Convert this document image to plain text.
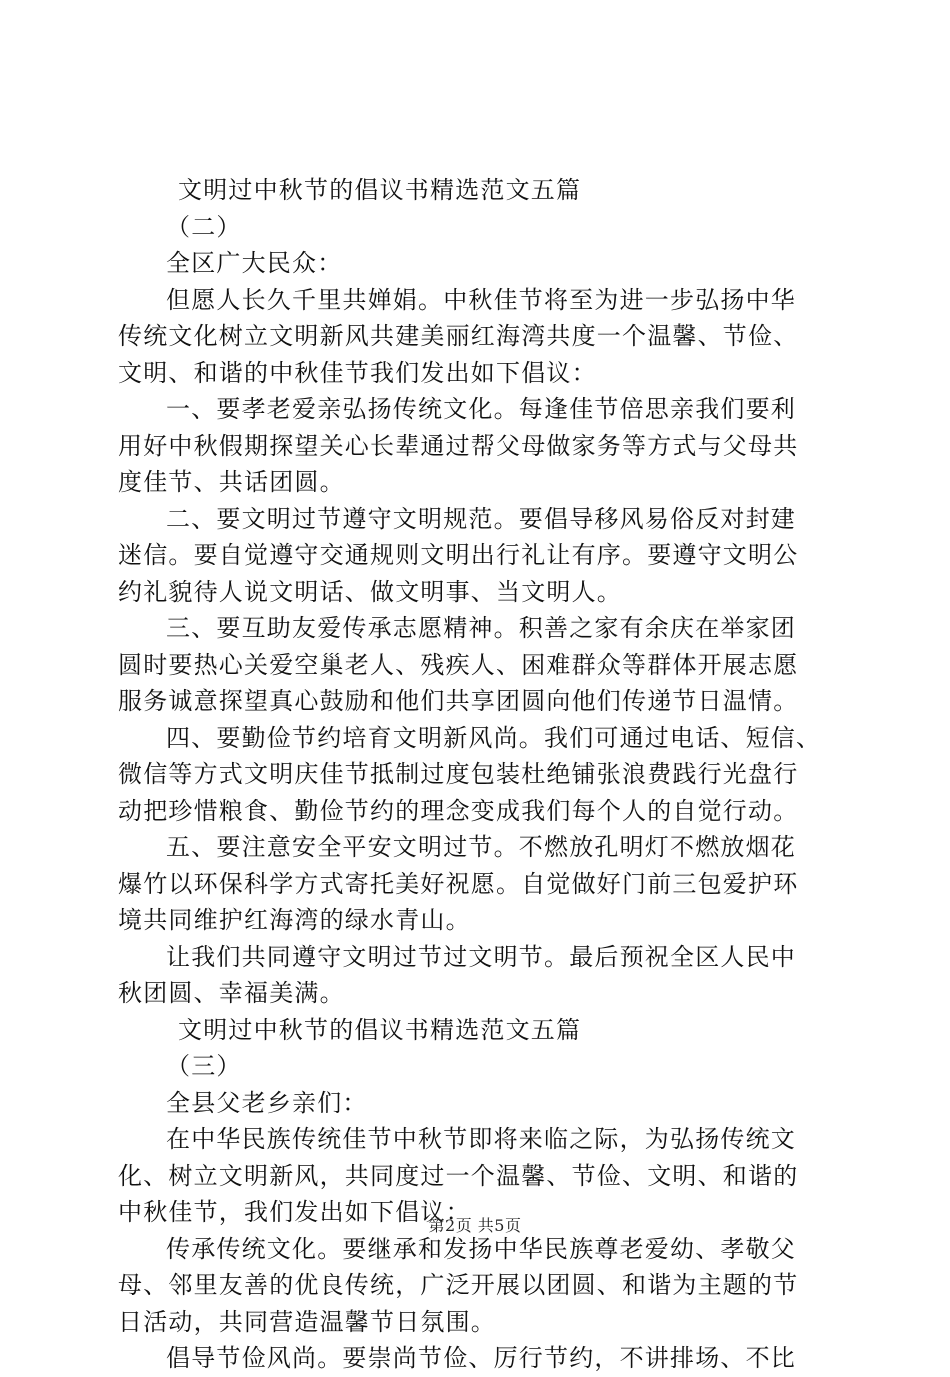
文明过中秋节的倡议书精选范文五篇
（二）
全区广大民众：
但愿人长久千里共婵娟。中秋佳节将至为进一步弘扬中华
传统文化树立文明新风共建美丽红海湾共度一个温馨、节俭、
文明、和谐的中秋佳节我们发出如下倡议：
一、要孝老爱亲弘扬传统文化。每逢佳节倍思亲我们要利
用好中秋假期探望关心长辈通过帮父母做家务等方式与父母共
度佳节、共话团圆。
二、要文明过节遵守文明规范。要倡导移风易俗反对封建
迷信。要自觉遵守交通规则文明出行礼让有序。要遵守文明公
约礼貌待人说文明话、做文明事、当文明人。
三、要互助友爱传承志愿精神。积善之家有余庆在举家团
圆时要热心关爱空巢老人、残疾人、困难群众等群体开展志愿
服务诚意探望真心鼓励和他们共享团圆向他们传递节日温情。
四、要勤俭节约培育文明新风尚。我们可通过电话、短信、
微信等方式文明庆佳节抵制过度包装杜绝铺张浪费践行光盘行
动把珍惜粮食、勤俭节约的理念变成我们每个人的自觉行动。
五、要注意安全平安文明过节。不燃放孔明灯不燃放烟花
爆竹以环保科学方式寄托美好祝愿。自觉做好门前三包爱护环
境共同维护红海湾的绿水青山。
让我们共同遵守文明过节过文明节。最后预祝全区人民中
秋团圆、幸福美满。
文明过中秋节的倡议书精选范文五篇
（三）
全县父老乡亲们：
在中华民族传统佳节中秋节即将来临之际，为弘扬传统文
化、树立文明新风，共同度过一个温馨、节俭、文明、和谐的
中秋佳节，我们发出如下倡议：
传承传统文化。要继承和发扬中华民族尊老爱幼、孝敬父
母、邻里友善的优良传统，广泛开展以团圆、和谐为主题的节
日活动，共同营造温馨节日氛围。
倡导节俭风尚。要崇尚节俭、厉行节约，不讲排场、不比
第2页 共5页
